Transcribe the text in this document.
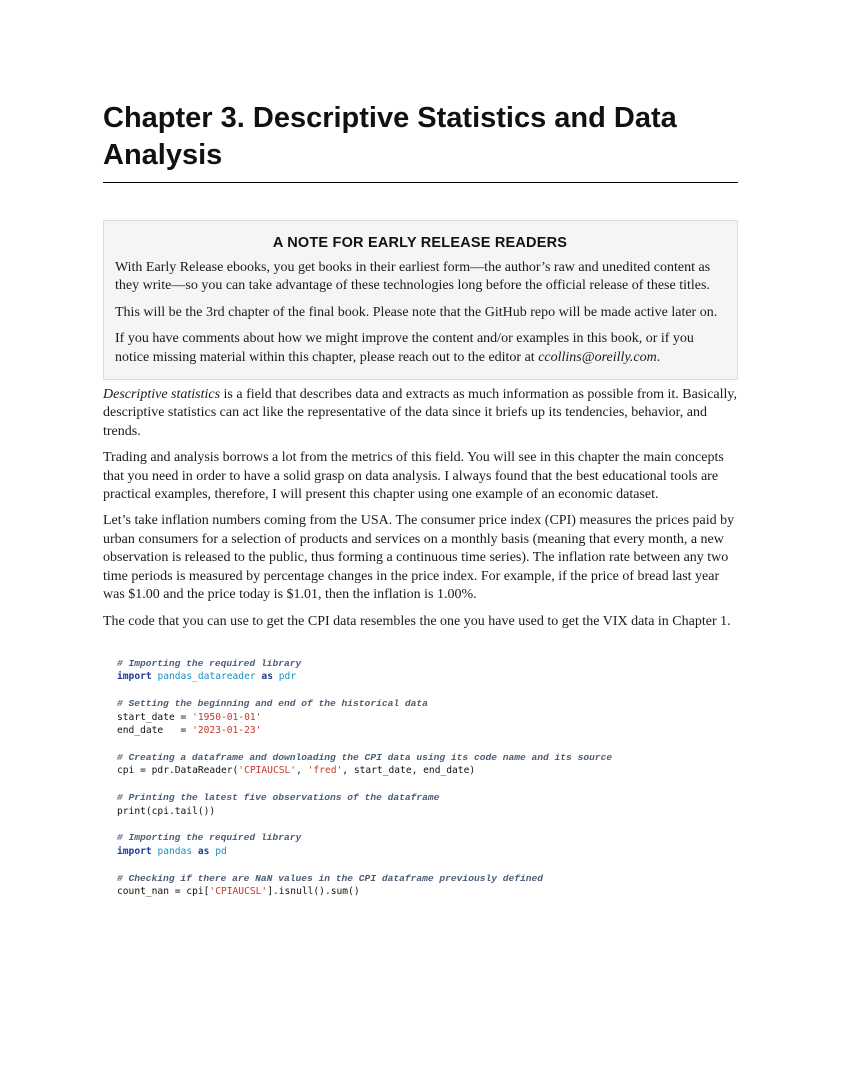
Chapter 3. Descriptive Statistics and Data
Analysis
A NOTE FOR EARLY RELEASE READERS

With Early Release ebooks, you get books in their earliest form—the author’s raw and unedited content as they write—so you can take advantage of these technologies long before the official release of these titles.

This will be the 3rd chapter of the final book. Please note that the GitHub repo will be made active later on.

If you have comments about how we might improve the content and/or examples in this book, or if you notice missing material within this chapter, please reach out to the editor at ccollins@oreilly.com.

Descriptive statistics is a field that describes data and extracts as much information as possible from it. Basically, descriptive statistics can act like the representative of the data since it briefs up its tendencies, behavior, and trends.

Trading and analysis borrows a lot from the metrics of this field. You will see in this chapter the main concepts that you need in order to have a solid grasp on data analysis. I always found that the best educational tools are practical examples, therefore, I will present this chapter using one example of an economic dataset.

Let’s take inflation numbers coming from the USA. The consumer price index (CPI) measures the prices paid by urban consumers for a selection of products and services on a monthly basis (meaning that every month, a new observation is released to the public, thus forming a continuous time series). The inflation rate between any two time periods is measured by percentage changes in the price index. For example, if the price of bread last year was $1.00 and the price today is $1.01, then the inflation is 1.00%.

The code that you can use to get the CPI data resembles the one you have used to get the VIX data in Chapter 1.

# Importing the required library
import pandas_datareader as pdr
# Setting the beginning and end of the historical data
start_date = '1950-01-01'
end_date   = '2023-01-23'
# Creating a dataframe and downloading the CPI data using its code name and its source
cpi = pdr.DataReader('CPIAUCSL', 'fred', start_date, end_date)
# Printing the latest five observations of the dataframe
print(cpi.tail())
# Importing the required library
import pandas as pd
# Checking if there are NaN values in the CPI dataframe previously defined
count_nan = cpi['CPIAUCSL'].isnull().sum()
